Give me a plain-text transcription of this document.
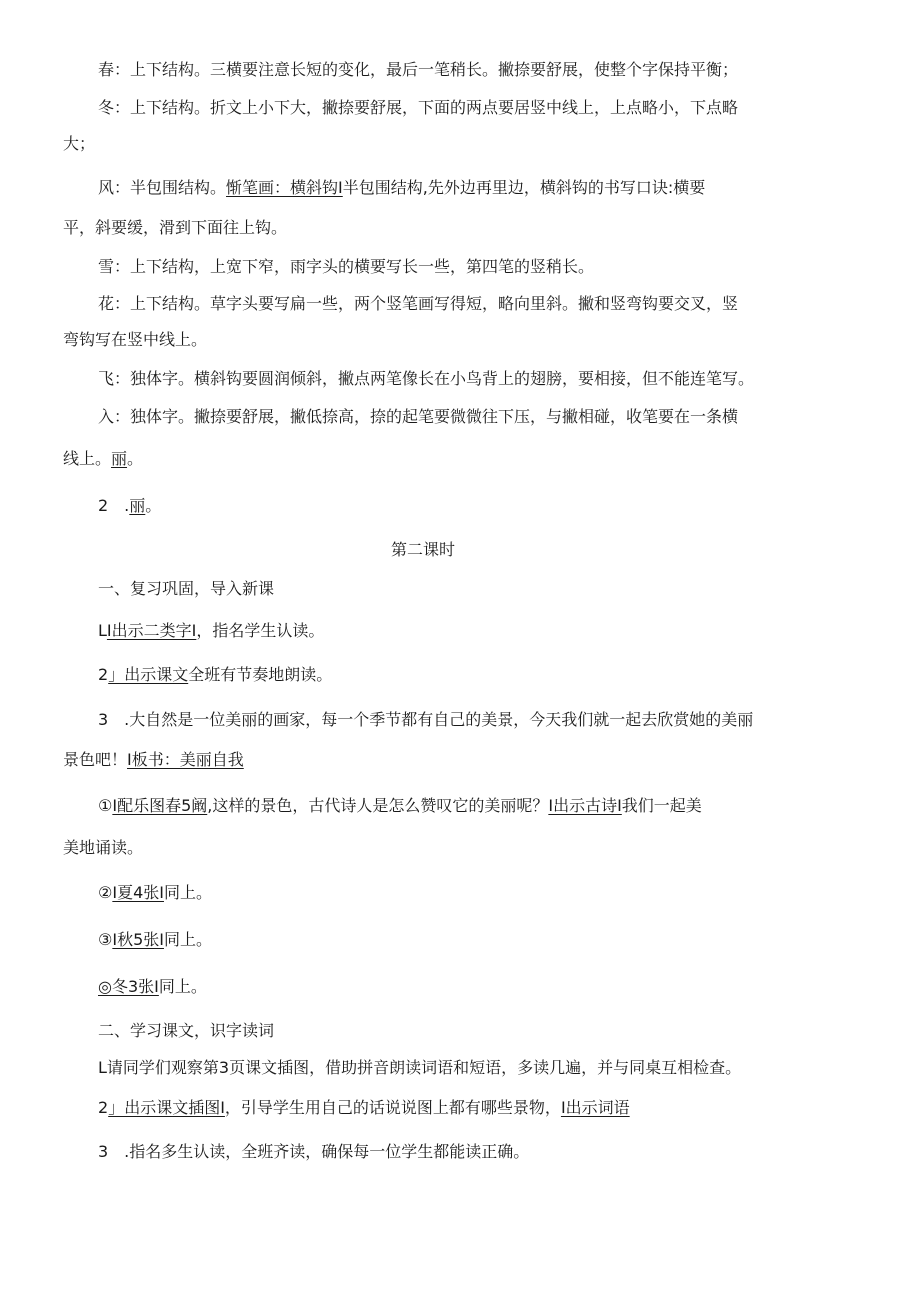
春：上下结构。三横要注意长短的变化，最后一笔稍长。撇捺要舒展，使整个字保持平衡；
冬：上下结构。折文上小下大，撇捺要舒展，下面的两点要居竖中线上，上点略小，下点略
大；
风：半包围结构。惭笔画：横斜钩I半包围结构,先外边再里边，横斜钩的书写口诀:横要
平，斜要缓，滑到下面往上钩。
雪：上下结构，上宽下窄，雨字头的横要写长一些，第四笔的竖稍长。
花：上下结构。草字头要写扁一些，两个竖笔画写得短，略向里斜。撇和竖弯钩要交叉，竖
弯钩写在竖中线上。
飞：独体字。横斜钩要圆润倾斜，撇点两笔像长在小鸟背上的翅膀，要相接，但不能连笔写。
入：独体字。撇捺要舒展，撇低捺高，捺的起笔要微微往下压，与撇相碰，收笔要在一条横
线上。丽。
2　.丽。
第二课时
一、复习巩固，导入新课
LI出示二类字I，指名学生认读。
2」出示课文全班有节奏地朗读。
3　.大自然是一位美丽的画家，每一个季节都有自己的美景，今天我们就一起去欣赏她的美丽
景色吧！I板书：美丽自我
①I配乐图春5阚,这样的景色，古代诗人是怎么赞叹它的美丽呢？I出示古诗I我们一起美
美地诵读。
②I夏4张I同上。
③I秋5张I同上。
◎冬3张I同上。
二、学习课文，识字读词
L请同学们观察第3页课文插图，借助拼音朗读词语和短语，多读几遍，并与同桌互相检查。
2」出示课文插图I，引导学生用自己的话说说图上都有哪些景物，I出示词语
3　.指名多生认读，全班齐读，确保每一位学生都能读正确。
